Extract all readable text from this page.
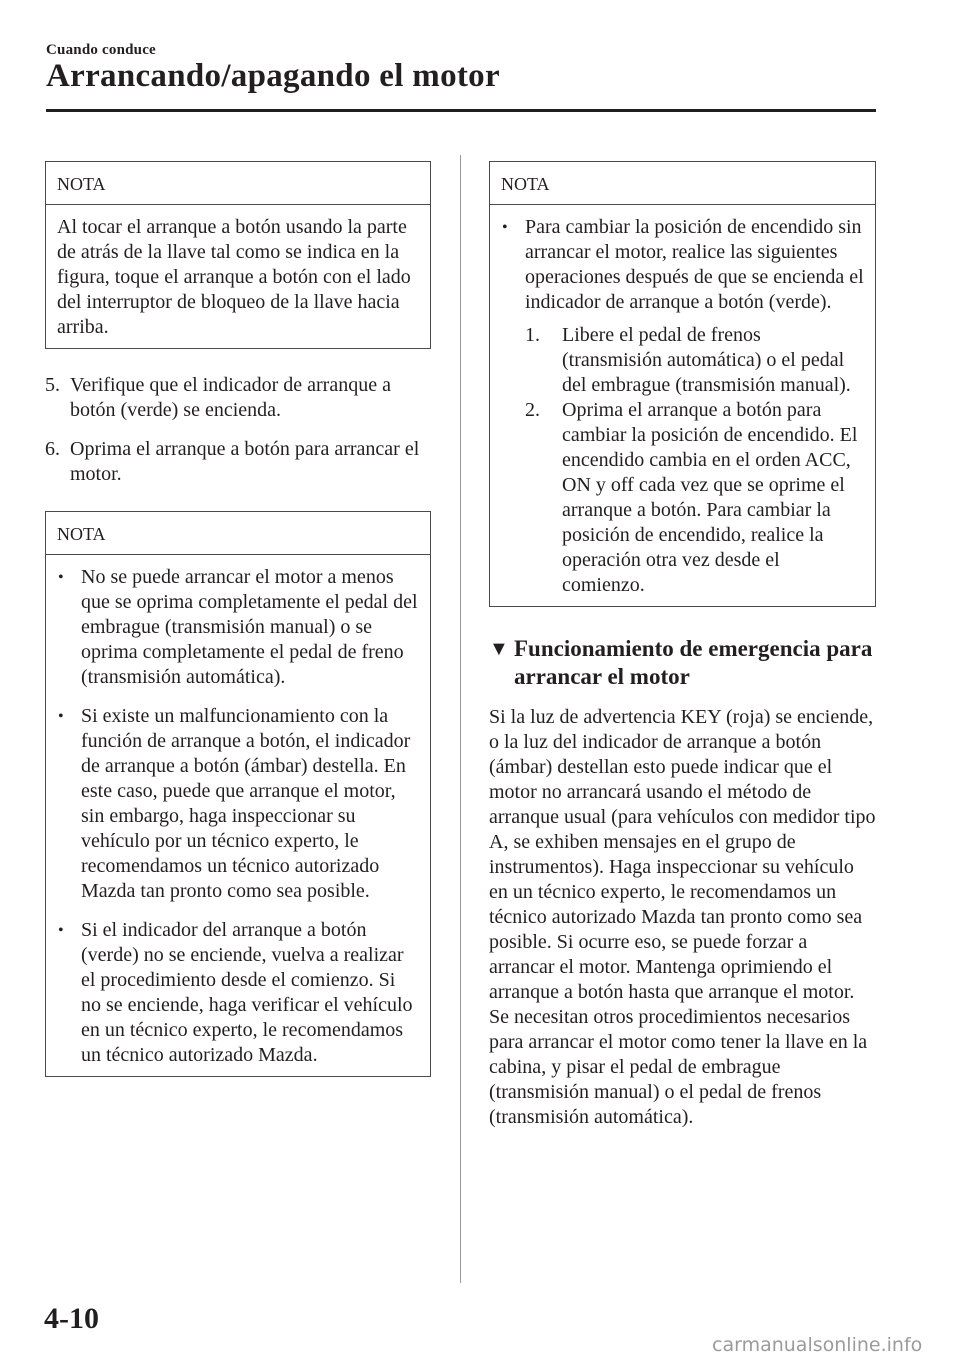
Cuando conduce
Arrancando/apagando el motor
NOTA

Al tocar el arranque a botón usando la parte de atrás de la llave tal como se indica en la figura, toque el arranque a botón con el lado del interruptor de bloqueo de la llave hacia arriba.

5. Verifique que el indicador de arranque a botón (verde) se encienda.
6. Oprima el arranque a botón para arrancar el motor.
NOTA
• No se puede arrancar el motor a menos que se oprima completamente el pedal del embrague (transmisión manual) o se oprima completamente el pedal de freno (transmisión automática).
• Si existe un malfuncionamiento con la función de arranque a botón, el indicador de arranque a botón (ámbar) destella. En este caso, puede que arranque el motor, sin embargo, haga inspeccionar su vehículo por un técnico experto, le recomendamos un técnico autorizado Mazda tan pronto como sea posible.
• Si el indicador del arranque a botón (verde) no se enciende, vuelva a realizar el procedimiento desde el comienzo. Si no se enciende, haga verificar el vehículo en un técnico experto, le recomendamos un técnico autorizado Mazda.
NOTA
• Para cambiar la posición de encendido sin arrancar el motor, realice las siguientes operaciones después de que se encienda el indicador de arranque a botón (verde).
1. Libere el pedal de frenos (transmisión automática) o el pedal del embrague (transmisión manual).
2. Oprima el arranque a botón para cambiar la posición de encendido. El encendido cambia en el orden ACC, ON y off cada vez que se oprime el arranque a botón. Para cambiar la posición de encendido, realice la operación otra vez desde el comienzo.
▼ Funcionamiento de emergencia para arrancar el motor

Si la luz de advertencia KEY (roja) se enciende, o la luz del indicador de arranque a botón (ámbar) destellan esto puede indicar que el motor no arrancará usando el método de arranque usual (para vehículos con medidor tipo A, se exhiben mensajes en el grupo de instrumentos). Haga inspeccionar su vehículo en un técnico experto, le recomendamos un técnico autorizado Mazda tan pronto como sea posible. Si ocurre eso, se puede forzar a arrancar el motor. Mantenga oprimiendo el arranque a botón hasta que arranque el motor. Se necesitan otros procedimientos necesarios para arrancar el motor como tener la llave en la cabina, y pisar el pedal de embrague (transmisión manual) o el pedal de frenos (transmisión automática).

4-10
carmanualsonline.info
